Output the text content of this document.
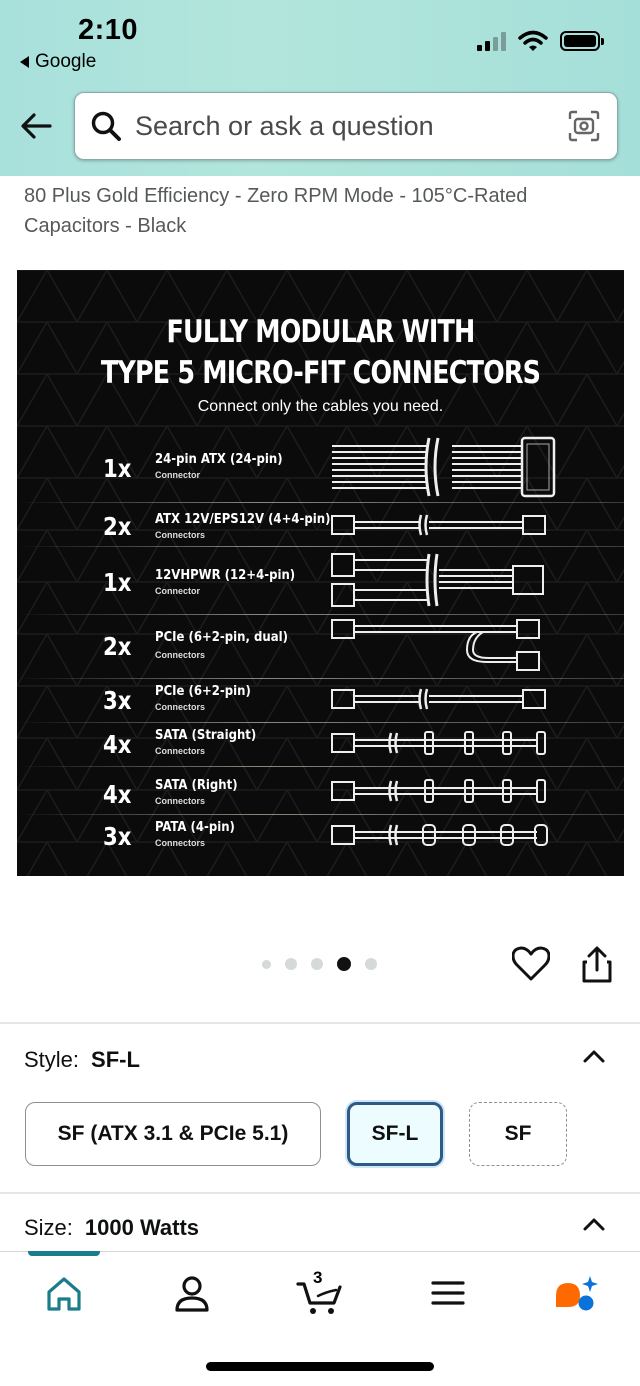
2:10
Google
Search or ask a question
80 Plus Gold Efficiency - Zero RPM Mode - 105°C-Rated Capacitors - Black
FULLY MODULAR WITH
TYPE 5 MICRO-FIT CONNECTORS
Connect only the cables you need.
1x 24-pin ATX (24-pin)
Connector
2x ATX 12V/EPS12V (4+4-pin)
Connectors
1x 12VHPWR (12+4-pin)
Connector
2x PCIe (6+2-pin, dual)
Connectors
3x PCIe (6+2-pin)
Connectors
4x SATA (Straight)
Connectors
4x SATA (Right)
Connectors
3x PATA (4-pin)
Connectors
Style: SF-L
SF (ATX 3.1 & PCIe 5.1)	SF-L	SF
Size: 1000 Watts
3
